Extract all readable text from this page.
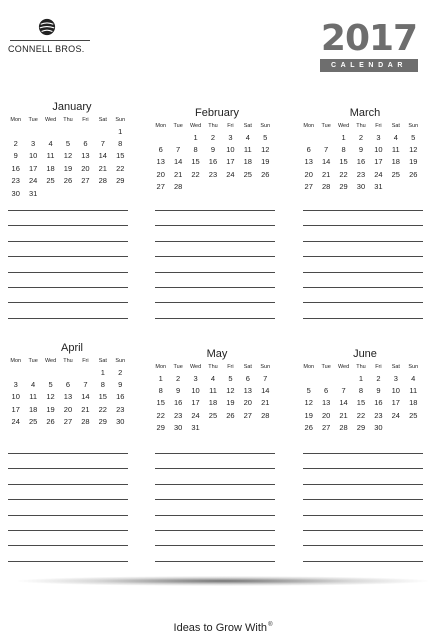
CONNELL BROS.	2017
CALENDAR
January
Mon	Tue	Wed	Thu	Fri	Sat	Sun
						1
2	3	4	5	6	7	8
9	10	11	12	13	14	15
16	17	18	19	20	21	22
23	24	25	26	27	28	29
30	31					
February
Mon	Tue	Wed	Thu	Fri	Sat	Sun
		1	2	3	4	5
6	7	8	9	10	11	12
13	14	15	16	17	18	19
20	21	22	23	24	25	26
27	28					
March
Mon	Tue	Wed	Thu	Fri	Sat	Sun
		1	2	3	4	5
6	7	8	9	10	11	12
13	14	15	16	17	18	19
20	21	22	23	24	25	26
27	28	29	30	31		
April
Mon	Tue	Wed	Thu	Fri	Sat	Sun
					1	2
3	4	5	6	7	8	9
10	11	12	13	14	15	16
17	18	19	20	21	22	23
24	25	26	27	28	29	30
May
Mon	Tue	Wed	Thu	Fri	Sat	Sun
1	2	3	4	5	6	7
8	9	10	11	12	13	14
15	16	17	18	19	20	21
22	23	24	25	26	27	28
29	30	31				
June
Mon	Tue	Wed	Thu	Fri	Sat	Sun
			1	2	3	4
5	6	7	8	9	10	11
12	13	14	15	16	17	18
19	20	21	22	23	24	25
26	27	28	29	30		
Ideas to Grow With®
